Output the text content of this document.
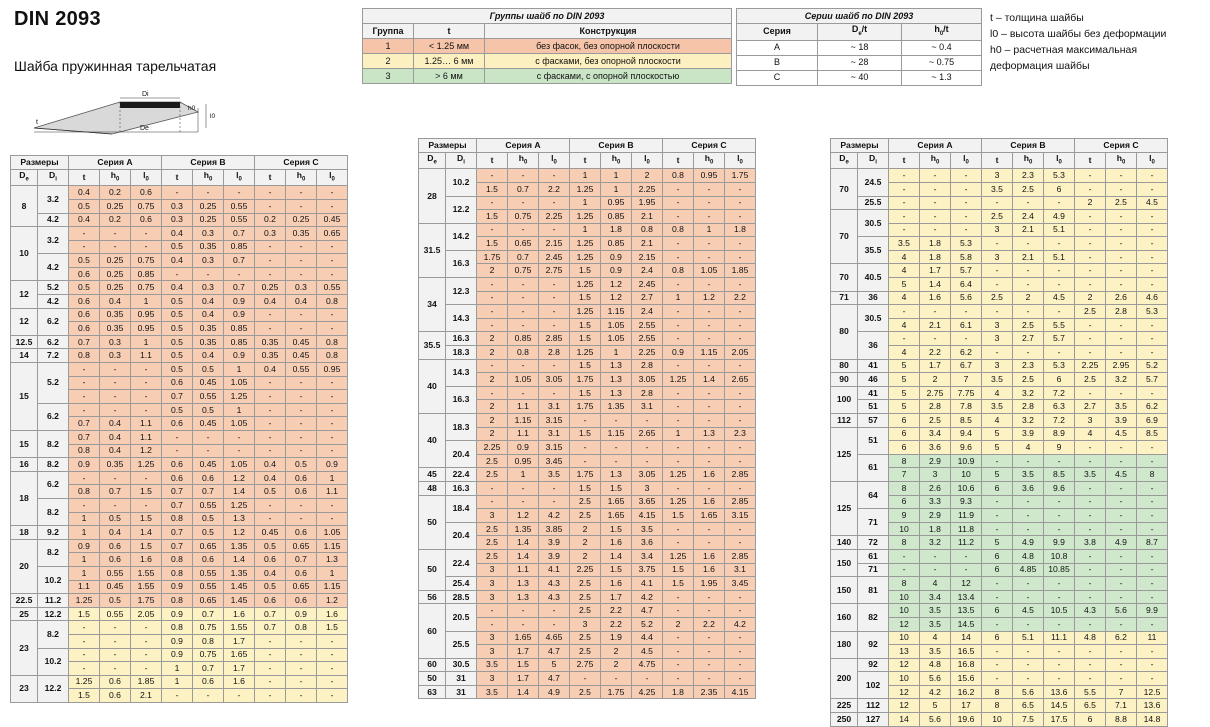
DIN 2093

Шайба пружинная тарельчатая

Di
t
h0
l0
De
Группы шайб по DIN 2093		
Группа	t	Конструкция
1	< 1.25 мм	без фасок, без опорной плоскости
2	1.25… 6 мм	с фасками, без опорной плоскости
3	> 6 мм	с фасками, с опорной плоскостью
Серии шайб по DIN 2093		
Серия	$D_e/t$	$h_0/t$
A	~ 18	~ 0.4
B	~ 28	~ 0.75
C	~ 40	~ 1.3
t – толщина шайбы
l0 – высота шайбы без деформации
h0 – расчетная максимальная
деформация шайбы
Размеры		Серия A			Серия B			Серия C		
$D_e$	$D_i$	t	$h_0$	$l_0$	t	$h_0$	$l_0$	t	$h_0$	$l_0$
8	3.2	0.4	0.2	0.6	-	-	-	-	-	-
		0.5	0.25	0.75	0.3	0.25	0.55	-	-	-
	4.2	0.4	0.2	0.6	0.3	0.25	0.55	0.2	0.25	0.45
10	3.2	-	-	-	0.4	0.3	0.7	0.3	0.35	0.65
		-	-	-	0.5	0.35	0.85	-	-	-
	4.2	0.5	0.25	0.75	0.4	0.3	0.7	-	-	-
		0.6	0.25	0.85	-	-	-	-	-	-
12	5.2	0.5	0.25	0.75	0.4	0.3	0.7	0.25	0.3	0.55
	4.2	0.6	0.4	1	0.5	0.4	0.9	0.4	0.4	0.8
12	6.2	0.6	0.35	0.95	0.5	0.4	0.9	-	-	-
		0.6	0.35	0.95	0.5	0.35	0.85	-	-	-
12.5	6.2	0.7	0.3	1	0.5	0.35	0.85	0.35	0.45	0.8
14	7.2	0.8	0.3	1.1	0.5	0.4	0.9	0.35	0.45	0.8
15	5.2	-	-	-	0.5	0.5	1	0.4	0.55	0.95
		-	-	-	0.6	0.45	1.05	-	-	-
		-	-	-	0.7	0.55	1.25	-	-	-
	6.2	-	-	-	0.5	0.5	1	-	-	-
		0.7	0.4	1.1	0.6	0.45	1.05	-	-	-
15	8.2	0.7	0.4	1.1	-	-	-	-	-	-
		0.8	0.4	1.2	-	-	-	-	-	-
16	8.2	0.9	0.35	1.25	0.6	0.45	1.05	0.4	0.5	0.9
18	6.2	-	-	-	0.6	0.6	1.2	0.4	0.6	1
		0.8	0.7	1.5	0.7	0.7	1.4	0.5	0.6	1.1
	8.2	-	-	-	0.7	0.55	1.25	-	-	-
		1	0.5	1.5	0.8	0.5	1.3	-	-	-
18	9.2	1	0.4	1.4	0.7	0.5	1.2	0.45	0.6	1.05
20	8.2	0.9	0.6	1.5	0.7	0.65	1.35	0.5	0.65	1.15
		1	0.6	1.6	0.8	0.6	1.4	0.6	0.7	1.3
	10.2	1	0.55	1.55	0.8	0.55	1.35	0.4	0.6	1
		1.1	0.45	1.55	0.9	0.55	1.45	0.5	0.65	1.15
22.5	11.2	1.25	0.5	1.75	0.8	0.65	1.45	0.6	0.6	1.2
25	12.2	1.5	0.55	2.05	0.9	0.7	1.6	0.7	0.9	1.6
23	8.2	-	-	-	0.8	0.75	1.55	0.7	0.8	1.5
		-	-	-	0.9	0.8	1.7	-	-	-
	10.2	-	-	-	0.9	0.75	1.65	-	-	-
		-	-	-	1	0.7	1.7	-	-	-
23	12.2	1.25	0.6	1.85	1	0.6	1.6	-	-	-
		1.5	0.6	2.1	-	-	-	-	-	-
Размеры		Серия A			Серия B			Серия C		
$D_e$	$D_i$	t	$h_0$	$l_0$	t	$h_0$	$l_0$	t	$h_0$	$l_0$
28	10.2	-	-	-	1	1	2	0.8	0.95	1.75
		1.5	0.7	2.2	1.25	1	2.25	-	-	-
	12.2	-	-	-	1	0.95	1.95	-	-	-
		1.5	0.75	2.25	1.25	0.85	2.1	-	-	-
31.5	14.2	-	-	-	1	1.8	0.8	0.8	1	1.8
		1.5	0.65	2.15	1.25	0.85	2.1	-	-	-
	16.3	1.75	0.7	2.45	1.25	0.9	2.15	-	-	-
		2	0.75	2.75	1.5	0.9	2.4	0.8	1.05	1.85
34	12.3	-	-	-	1.25	1.2	2.45	-	-	-
		-	-	-	1.5	1.2	2.7	1	1.2	2.2
	14.3	-	-	-	1.25	1.15	2.4	-	-	-
		-	-	-	1.5	1.05	2.55	-	-	-
35.5	16.3	2	0.85	2.85	1.5	1.05	2.55	-	-	-
	18.3	2	0.8	2.8	1.25	1	2.25	0.9	1.15	2.05
40	14.3	-	-	-	1.5	1.3	2.8	-	-	-
		2	1.05	3.05	1.75	1.3	3.05	1.25	1.4	2.65
	16.3	-	-	-	1.5	1.3	2.8	-	-	-
		2	1.1	3.1	1.75	1.35	3.1	-	-	-
40	18.3	2	1.15	3.15	-	-	-	-	-	-
		2	1.1	3.1	1.5	1.15	2.65	1	1.3	2.3
	20.4	2.25	0.9	3.15	-	-	-	-	-	-
		2.5	0.95	3.45	-	-	-	-	-	-
45	22.4	2.5	1	3.5	1.75	1.3	3.05	1.25	1.6	2.85
48	16.3	-	-	-	1.5	1.5	3	-	-	-
50	18.4	-	-	-	2.5	1.65	3.65	1.25	1.6	2.85
		3	1.2	4.2	2.5	1.65	4.15	1.5	1.65	3.15
	20.4	2.5	1.35	3.85	2	1.5	3.5	-	-	-
		2.5	1.4	3.9	2	1.6	3.6	-	-	-
50	22.4	2.5	1.4	3.9	2	1.4	3.4	1.25	1.6	2.85
		3	1.1	4.1	2.25	1.5	3.75	1.5	1.6	3.1
	25.4	3	1.3	4.3	2.5	1.6	4.1	1.5	1.95	3.45
56	28.5	3	1.3	4.3	2.5	1.7	4.2	-	-	-
60	20.5	-	-	-	2.5	2.2	4.7	-	-	-
		-	-	-	3	2.2	5.2	2	2.2	4.2
	25.5	3	1.65	4.65	2.5	1.9	4.4	-	-	-
		3	1.7	4.7	2.5	2	4.5	-	-	-
60	30.5	3.5	1.5	5	2.75	2	4.75	-	-	-
50	31	3	1.7	4.7	-	-	-	-	-	-
63	31	3.5	1.4	4.9	2.5	1.75	4.25	1.8	2.35	4.15
Размеры		Серия A			Серия B			Серия C		
$D_e$	$D_i$	t	$h_0$	$l_0$	t	$h_0$	$l_0$	t	$h_0$	$l_0$
70	24.5	-	-	-	3	2.3	5.3	-	-	-
		-	-	-	3.5	2.5	6	-	-	-
	25.5	-	-	-	-	-	-	2	2.5	4.5
70	30.5	-	-	-	2.5	2.4	4.9	-	-	-
		-	-	-	3	2.1	5.1	-	-	-
	35.5	3.5	1.8	5.3	-	-	-	-	-	-
		4	1.8	5.8	3	2.1	5.1	-	-	-
70	40.5	4	1.7	5.7	-	-	-	-	-	-
		5	1.4	6.4	-	-	-	-	-	-
71	36	4	1.6	5.6	2.5	2	4.5	2	2.6	4.6
80	30.5	-	-	-	-	-	-	2.5	2.8	5.3
		4	2.1	6.1	3	2.5	5.5	-	-	-
	36	-	-	-	3	2.7	5.7	-	-	-
		4	2.2	6.2	-	-	-	-	-	-
80	41	5	1.7	6.7	3	2.3	5.3	2.25	2.95	5.2
90	46	5	2	7	3.5	2.5	6	2.5	3.2	5.7
100	41	5	2.75	7.75	4	3.2	7.2	-	-	-
	51	5	2.8	7.8	3.5	2.8	6.3	2.7	3.5	6.2
112	57	6	2.5	8.5	4	3.2	7.2	3	3.9	6.9
125	51	6	3.4	9.4	5	3.9	8.9	4	4.5	8.5
		6	3.6	9.6	5	4	9	-	-	-
	61	8	2.9	10.9	-	-	-	-	-	-
		7	3	10	5	3.5	8.5	3.5	4.5	8
125	64	8	2.6	10.6	6	3.6	9.6	-	-	-
		6	3.3	9.3	-	-	-	-	-	-
	71	9	2.9	11.9	-	-	-	-	-	-
		10	1.8	11.8	-	-	-	-	-	-
140	72	8	3.2	11.2	5	4.9	9.9	3.8	4.9	8.7
150	61	-	-	-	6	4.8	10.8	-	-	-
	71	-	-	-	6	4.85	10.85	-	-	-
150	81	8	4	12	-	-	-	-	-	-
		10	3.4	13.4	-	-	-	-	-	-
160	82	10	3.5	13.5	6	4.5	10.5	4.3	5.6	9.9
		12	3.5	14.5	-	-	-	-	-	-
180	92	10	4	14	6	5.1	11.1	4.8	6.2	11
		13	3.5	16.5	-	-	-	-	-	-
200	92	12	4.8	16.8	-	-	-	-	-	-
	102	10	5.6	15.6	-	-	-	-	-	-
		12	4.2	16.2	8	5.6	13.6	5.5	7	12.5
225	112	12	5	17	8	6.5	14.5	6.5	7.1	13.6
250	127	14	5.6	19.6	10	7.5	17.5	6	8.8	14.8
